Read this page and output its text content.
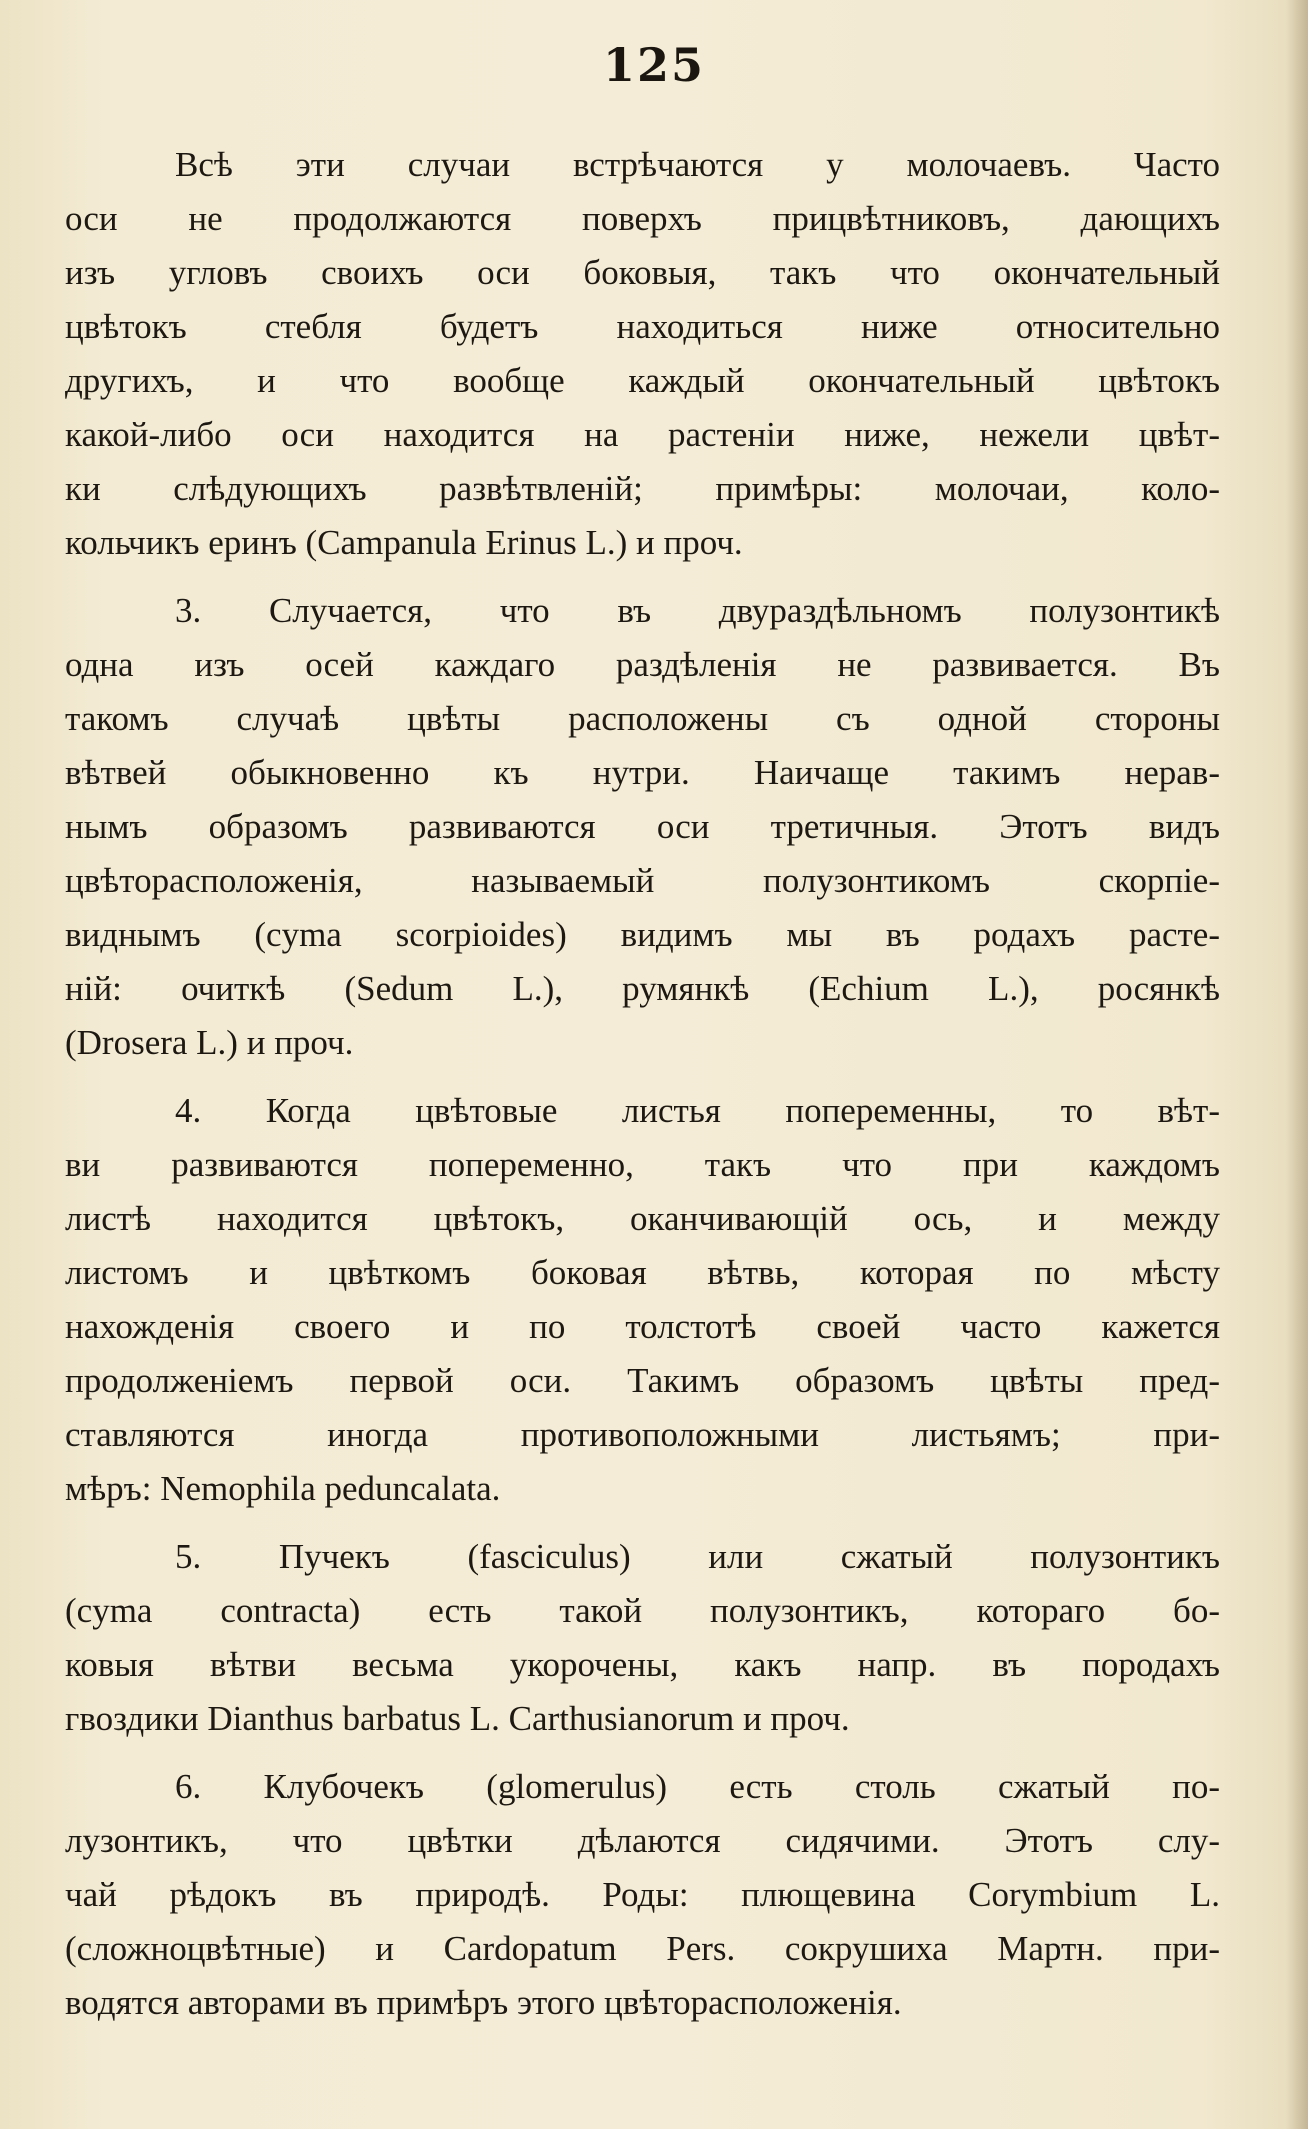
125
Всѣ эти случаи встрѣчаются у молочаевъ. Часто
оси не продолжаются поверхъ прицвѣтниковъ, дающихъ
изъ угловъ своихъ оси боковыя, такъ что окончательный
цвѣтокъ стебля будетъ находиться ниже относительно
другихъ, и что вообще каждый окончательный цвѣтокъ
какой-либо оси находится на растенiи ниже, нежели цвѣт-
ки слѣдующихъ развѣтвленiй; примѣры: молочаи, коло-
кольчикъ еринъ (Campanula Erinus L.) и проч.
3. Случается, что въ двураздѣльномъ полузонтикѣ
одна изъ осей каждаго раздѣленiя не развивается. Въ
такомъ случаѣ цвѣты расположены съ одной стороны
вѣтвей обыкновенно къ нутри. Наичаще такимъ нерав-
нымъ образомъ развиваются оси третичныя. Этотъ видъ
цвѣторасположенiя, называемый полузонтикомъ скорпiе-
виднымъ (cyma scorpioides) видимъ мы въ родахъ расте-
нiй: очиткѣ (Sedum L.), румянкѣ (Echium L.), росянкѣ
(Drosera L.) и проч.
4. Когда цвѣтовые листья попеременны, то вѣт-
ви развиваются попеременно, такъ что при каждомъ
листѣ находится цвѣтокъ, оканчивающiй ось, и между
листомъ и цвѣткомъ боковая вѣтвь, которая по мѣсту
нахожденiя своего и по толстотѣ своей часто кажется
продолженiемъ первой оси. Такимъ образомъ цвѣты пред-
ставляются иногда противоположными листьямъ; при-
мѣръ: Nemophila peduncalata.
5. Пучекъ (fasciculus) или сжатый полузонтикъ
(cyma contracta) есть такой полузонтикъ, котораго бо-
ковыя вѣтви весьма укорочены, какъ напр. въ породахъ
гвоздики Dianthus barbatus L. Carthusianorum и проч.
6. Клубочекъ (glomerulus) есть столь сжатый по-
лузонтикъ, что цвѣтки дѣлаются сидячими. Этотъ слу-
чай рѣдокъ въ природѣ. Роды: плющевина Corymbium L.
(сложноцвѣтные) и Cardopatum Pers. сокрушиха Мартн. при-
водятся авторами въ примѣръ этого цвѣторасположенiя.
